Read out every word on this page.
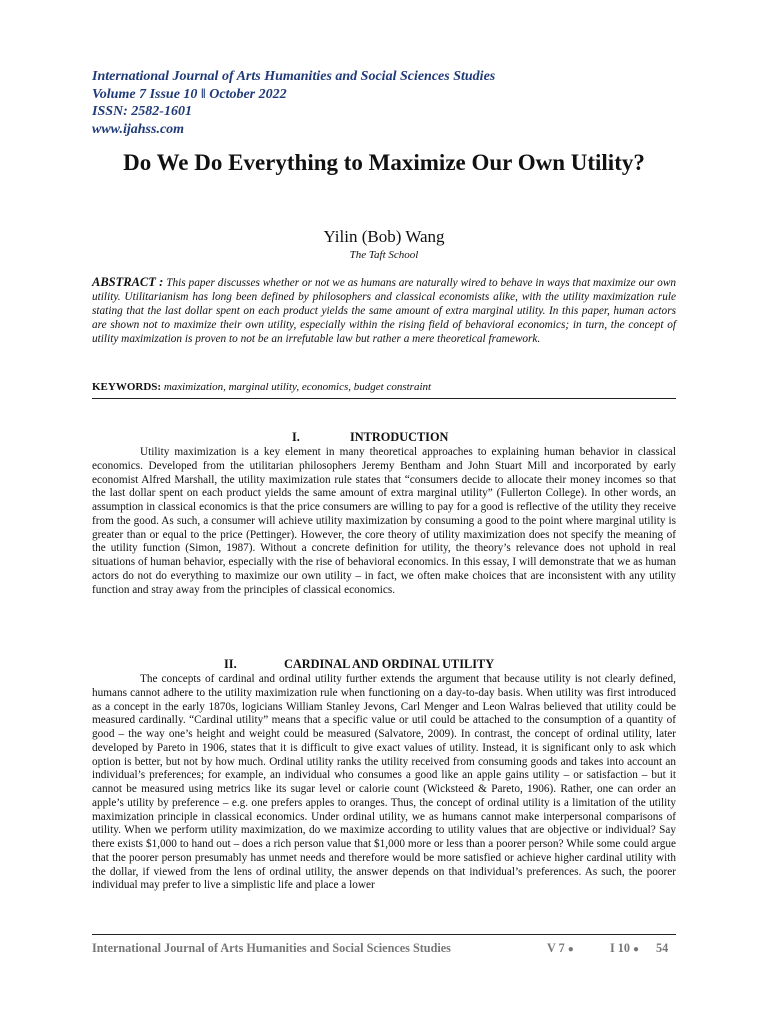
International Journal of Arts Humanities and Social Sciences Studies
Volume 7 Issue 10 ǁ October 2022
ISSN: 2582-1601
www.ijahss.com
Do We Do Everything to Maximize Our Own Utility?
Yilin (Bob) Wang
The Taft School
ABSTRACT : This paper discusses whether or not we as humans are naturally wired to behave in ways that maximize our own utility. Utilitarianism has long been defined by philosophers and classical economists alike, with the utility maximization rule stating that the last dollar spent on each product yields the same amount of extra marginal utility. In this paper, human actors are shown not to maximize their own utility, especially within the rising field of behavioral economics; in turn, the concept of utility maximization is proven to not be an irrefutable law but rather a mere theoretical framework.
KEYWORDS: maximization, marginal utility, economics, budget constraint
I.	INTRODUCTION

Utility maximization is a key element in many theoretical approaches to explaining human behavior in classical economics. Developed from the utilitarian philosophers Jeremy Bentham and John Stuart Mill and incorporated by early economist Alfred Marshall, the utility maximization rule states that “consumers decide to allocate their money incomes so that the last dollar spent on each product yields the same amount of extra marginal utility” (Fullerton College). In other words, an assumption in classical economics is that the price consumers are willing to pay for a good is reflective of the utility they receive from the good. As such, a consumer will achieve utility maximization by consuming a good to the point where marginal utility is greater than or equal to the price (Pettinger). However, the core theory of utility maximization does not specify the meaning of the utility function (Simon, 1987). Without a concrete definition for utility, the theory’s relevance does not uphold in real situations of human behavior, especially with the rise of behavioral economics. In this essay, I will demonstrate that we as human actors do not do everything to maximize our own utility – in fact, we often make choices that are inconsistent with any utility function and stray away from the principles of classical economics.

II.	CARDINAL AND ORDINAL UTILITY

The concepts of cardinal and ordinal utility further extends the argument that because utility is not clearly defined, humans cannot adhere to the utility maximization rule when functioning on a day-to-day basis. When utility was first introduced as a concept in the early 1870s, logicians William Stanley Jevons, Carl Menger and Leon Walras believed that utility could be measured cardinally. “Cardinal utility” means that a specific value or util could be attached to the consumption of a quantity of good – the way one’s height and weight could be measured (Salvatore, 2009). In contrast, the concept of ordinal utility, later developed by Pareto in 1906, states that it is difficult to give exact values of utility. Instead, it is significant only to ask which option is better, but not by how much. Ordinal utility ranks the utility received from consuming goods and takes into account an individual’s preferences; for example, an individual who consumes a good like an apple gains utility – or satisfaction – but it cannot be measured using metrics like its sugar level or calorie count (Wicksteed & Pareto, 1906). Rather, one can order an apple’s utility by preference – e.g. one prefers apples to oranges. Thus, the concept of ordinal utility is a limitation of the utility maximization principle in classical economics. Under ordinal utility, we as humans cannot make interpersonal comparisons of utility. When we perform utility maximization, do we maximize according to utility values that are objective or individual? Say there exists $1,000 to hand out – does a rich person value that $1,000 more or less than a poorer person? While some could argue that the poorer person presumably has unmet needs and therefore would be more satisfied or achieve higher cardinal utility with the dollar, if viewed from the lens of ordinal utility, the answer depends on that individual’s preferences. As such, the poorer individual may prefer to live a simplistic life and place a lower

International Journal of Arts Humanities and Social Sciences Studies	V 7 ●	I 10 ● 54
